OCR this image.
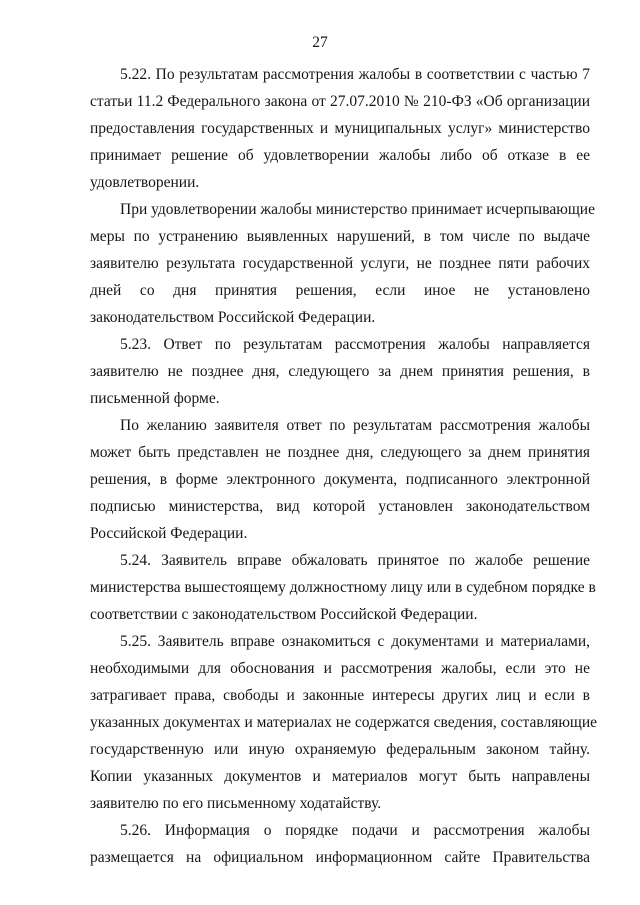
27
5.22. По результатам рассмотрения жалобы в соответствии с частью 7
статьи 11.2 Федерального закона от 27.07.2010 № 210-ФЗ «Об организации
предоставления государственных и муниципальных услуг» министерство
принимает решение об удовлетворении жалобы либо об отказе в ее
удовлетворении.
При удовлетворении жалобы министерство принимает исчерпывающие
меры по устранению выявленных нарушений, в том числе по выдаче
заявителю результата государственной услуги, не позднее пяти рабочих
дней со дня принятия решения, если иное не установлено
законодательством Российской Федерации.
5.23. Ответ по результатам рассмотрения жалобы направляется
заявителю не позднее дня, следующего за днем принятия решения, в
письменной форме.
По желанию заявителя ответ по результатам рассмотрения жалобы
может быть представлен не позднее дня, следующего за днем принятия
решения, в форме электронного документа, подписанного электронной
подписью министерства, вид которой установлен законодательством
Российской Федерации.
5.24. Заявитель вправе обжаловать принятое по жалобе решение
министерства вышестоящему должностному лицу или в судебном порядке в
соответствии с законодательством Российской Федерации.
5.25. Заявитель вправе ознакомиться с документами и материалами,
необходимыми для обоснования и рассмотрения жалобы, если это не
затрагивает права, свободы и законные интересы других лиц и если в
указанных документах и материалах не содержатся сведения, составляющие
государственную или иную охраняемую федеральным законом тайну.
Копии указанных документов и материалов могут быть направлены
заявителю по его письменному ходатайству.
5.26. Информация о порядке подачи и рассмотрения жалобы
размещается на официальном информационном сайте Правительства
